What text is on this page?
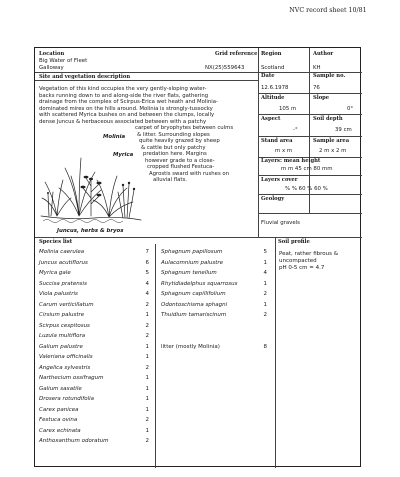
NVC record sheet 10/81
Location
Big Water of Fleet
Galloway
Grid reference
NX(25)559643
Region
Scotland
Author
KH
Date
12.6.1978
Sample no.
76
Altitude
105 m
Slope
0°
Aspect
-°
Soil depth
39 cm
Stand area
m x m
Sample area
2 m x 2 m
Layers: mean height
m m 45 cm 80 mm
Layers cover
% % 60 % 60 %
Geology
Fluvial gravels
Site and vegetation description

Vegetation of this kind occupies the very gently-sloping water-

backs running down to and along-side the river flats, gathering

drainage from the complex of Scirpus-Erica wet heath and Molinia-

dominated mires on the hills around. Molinia is strongly-tussocky

with scattered Myrica bushes on and between the clumps, locally

dense Juncus & herbaceous associated between with a patchy

carpet of bryophytes between culms

& litter. Surrounding slopes

quite heavily grazed by sheep

& cattle but only patchy

predation here. Margins

however grade to a close-

cropped flushed Festuca-

Agrostis sward with rushes on

alluvial flats.

Molinia
Myrica
Juncus, herbs & bryos
Species list	Soil profile
Molinia caerulea	7
Juncus acutiflorus	6
Myrica gale	5
Succisa pratensis	4
Viola palustris	4
Carum verticillatum	2
Cirsium palustre	1
Scirpus cespitosus	2
Luzula multiflora	2
Galium palustre	1
Valeriana officinalis	1
Angelica sylvestris	2
Narthecium ossifragum	1
Galium saxatile	1
Drosera rotundifolia	1
Carex panicea	1
Festuca ovina	2
Carex echinata	1
Anthoxanthum odoratum	2
Sphagnum papillosum	5
Aulacomnium palustre	1
Sphagnum tenellum	4
Rhytidiadelphus squarrosus	1
Sphagnum capillifolium	2
Odontoschisma sphagni	1
Thuidium tamariscinum	2
litter (mostly Molinia)	8
Peat, rather fibrous &
uncompacted
pH 0-5 cm = 4.7
